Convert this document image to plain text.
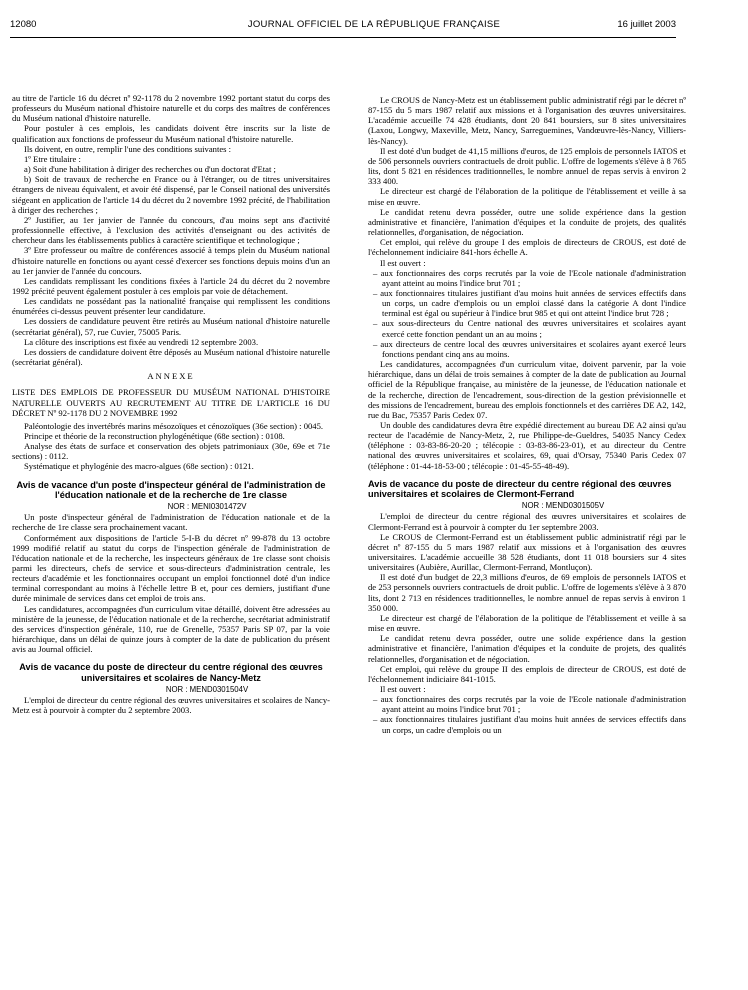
12080	JOURNAL OFFICIEL DE LA RÉPUBLIQUE FRANÇAISE	16 juillet 2003

au titre de l'article 16 du décret nº 92-1178 du 2 novembre 1992 portant statut du corps des professeurs du Muséum national d'histoire naturelle et du corps des maîtres de conférences du Muséum national d'histoire naturelle.

Pour postuler à ces emplois, les candidats doivent être inscrits sur la liste de qualification aux fonctions de professeur du Muséum national d'histoire naturelle.

Ils doivent, en outre, remplir l'une des conditions suivantes :

1º Etre titulaire :

a) Soit d'une habilitation à diriger des recherches ou d'un doctorat d'Etat ;

b) Soit de travaux de recherche en France ou à l'étranger, ou de titres universitaires étrangers de niveau équivalent, et avoir été dispensé, par le Conseil national des universités siégeant en application de l'article 14 du décret du 2 novembre 1992 précité, de l'habilitation à diriger des recherches ;

2º Justifier, au 1er janvier de l'année du concours, d'au moins sept ans d'activité professionnelle effective, à l'exclusion des activités d'enseignant ou des activités de chercheur dans les établissements publics à caractère scientifique et technologique ;

3º Etre professeur ou maître de conférences associé à temps plein du Muséum national d'histoire naturelle en fonctions ou ayant cessé d'exercer ses fonctions depuis moins d'un an au 1er janvier de l'année du concours.

Les candidats remplissant les conditions fixées à l'article 24 du décret du 2 novembre 1992 précité peuvent également postuler à ces emplois par voie de détachement.

Les candidats ne possédant pas la nationalité française qui remplissent les conditions énumérées ci-dessus peuvent présenter leur candidature.

Les dossiers de candidature peuvent être retirés au Muséum national d'histoire naturelle (secrétariat général), 57, rue Cuvier, 75005 Paris.

La clôture des inscriptions est fixée au vendredi 12 septembre 2003.

Les dossiers de candidature doivent être déposés au Muséum national d'histoire naturelle (secrétariat général).

ANNEXE

LISTE DES EMPLOIS DE PROFESSEUR DU MUSÉUM NATIONAL D'HISTOIRE NATURELLE OUVERTS AU RECRUTEMENT AU TITRE DE L'ARTICLE 16 DU DÉCRET Nº 92-1178 DU 2 NOVEMBRE 1992

Paléontologie des invertébrés marins mésozoïques et cénozoïques (36e section) : 0045.

Principe et théorie de la reconstruction phylogénétique (68e section) : 0108.

Analyse des états de surface et conservation des objets patrimoniaux (30e, 69e et 71e sections) : 0112.

Systématique et phylogénie des macro-algues (68e section) : 0121.

Avis de vacance d'un poste d'inspecteur général de l'administration de l'éducation nationale et de la recherche de 1re classe

NOR : MENI0301472V

Un poste d'inspecteur général de l'administration de l'éducation nationale et de la recherche de 1re classe sera prochainement vacant.

Conformément aux dispositions de l'article 5-I-B du décret nº 99-878 du 13 octobre 1999 modifié relatif au statut du corps de l'inspection générale de l'administration de l'éducation nationale et de la recherche, les inspecteurs généraux de 1re classe sont choisis parmi les directeurs, chefs de service et sous-directeurs d'administration centrale, les recteurs d'académie et les fonctionnaires occupant un emploi fonctionnel doté d'un indice terminal correspondant au moins à l'échelle lettre B et, pour ces derniers, justifiant d'une durée minimale de services dans cet emploi de trois ans.

Les candidatures, accompagnées d'un curriculum vitae détaillé, doivent être adressées au ministère de la jeunesse, de l'éducation nationale et de la recherche, secrétariat administratif des services d'inspection générale, 110, rue de Grenelle, 75357 Paris SP 07, par la voie hiérarchique, dans un délai de quinze jours à compter de la date de publication du présent avis au Journal officiel.

Avis de vacance du poste de directeur du centre régional des œuvres universitaires et scolaires de Nancy-Metz

NOR : MEND0301504V

L'emploi de directeur du centre régional des œuvres universitaires et scolaires de Nancy-Metz est à pourvoir à compter du 2 septembre 2003.

Le CROUS de Nancy-Metz est un établissement public administratif régi par le décret nº 87-155 du 5 mars 1987 relatif aux missions et à l'organisation des œuvres universitaires. L'académie accueille 74 428 étudiants, dont 20 841 boursiers, sur 8 sites universitaires (Laxou, Longwy, Maxeville, Metz, Nancy, Sarreguemines, Vandœuvre-lès-Nancy, Villiers-lès-Nancy).

Il est doté d'un budget de 41,15 millions d'euros, de 125 emplois de personnels IATOS et de 506 personnels ouvriers contractuels de droit public. L'offre de logements s'élève à 8 765 lits, dont 5 821 en résidences traditionnelles, le nombre annuel de repas servis à environ 2 333 400.

Le directeur est chargé de l'élaboration de la politique de l'établissement et veille à sa mise en œuvre.

Le candidat retenu devra posséder, outre une solide expérience dans la gestion administrative et financière, l'animation d'équipes et la conduite de projets, des qualités relationnelles, d'organisation, de négociation.

Cet emploi, qui relève du groupe I des emplois de directeurs de CROUS, est doté de l'échelonnement indiciaire 841-hors échelle A.

Il est ouvert :

– aux fonctionnaires des corps recrutés par la voie de l'Ecole nationale d'administration ayant atteint au moins l'indice brut 701 ;
– aux fonctionnaires titulaires justifiant d'au moins huit années de services effectifs dans un corps, un cadre d'emplois ou un emploi classé dans la catégorie A dont l'indice terminal est égal ou supérieur à l'indice brut 985 et qui ont atteint l'indice brut 728 ;
– aux sous-directeurs du Centre national des œuvres universitaires et scolaires ayant exercé cette fonction pendant un an au moins ;
– aux directeurs de centre local des œuvres universitaires et scolaires ayant exercé leurs fonctions pendant cinq ans au moins.

Les candidatures, accompagnées d'un curriculum vitae, doivent parvenir, par la voie hiérarchique, dans un délai de trois semaines à compter de la date de publication au Journal officiel de la République française, au ministère de la jeunesse, de l'éducation nationale et de la recherche, direction de l'encadrement, sous-direction de la gestion prévisionnelle et des missions de l'encadrement, bureau des emplois fonctionnels et des carrières DE A2, 142, rue du Bac, 75357 Paris Cedex 07.

Un double des candidatures devra être expédié directement au bureau DE A2 ainsi qu'au recteur de l'académie de Nancy-Metz, 2, rue Philippe-de-Gueldres, 54035 Nancy Cedex (téléphone : 03-83-86-20-20 ; télécopie : 03-83-86-23-01), et au directeur du Centre national des œuvres universitaires et scolaires, 69, quai d'Orsay, 75340 Paris Cedex 07 (téléphone : 01-44-18-53-00 ; télécopie : 01-45-55-48-49).

Avis de vacance du poste de directeur du centre régional des œuvres universitaires et scolaires de Clermont-Ferrand

NOR : MEND0301505V

L'emploi de directeur du centre régional des œuvres universitaires et scolaires de Clermont-Ferrand est à pourvoir à compter du 1er septembre 2003.

Le CROUS de Clermont-Ferrand est un établissement public administratif régi par le décret nº 87-155 du 5 mars 1987 relatif aux missions et à l'organisation des œuvres universitaires. L'académie accueille 38 528 étudiants, dont 11 018 boursiers sur 4 sites universitaires (Aubière, Aurillac, Clermont-Ferrand, Montluçon).

Il est doté d'un budget de 22,3 millions d'euros, de 69 emplois de personnels IATOS et de 253 personnels ouvriers contractuels de droit public. L'offre de logements s'élève à 3 870 lits, dont 2 713 en résidences traditionnelles, le nombre annuel de repas servis à environ 1 350 000.

Le directeur est chargé de l'élaboration de la politique de l'établissement et veille à sa mise en œuvre.

Le candidat retenu devra posséder, outre une solide expérience dans la gestion administrative et financière, l'animation d'équipes et la conduite de projets, des qualités relationnelles, d'organisation et de négociation.

Cet emploi, qui relève du groupe II des emplois de directeur de CROUS, est doté de l'échelonnement indiciaire 841-1015.

Il est ouvert :

– aux fonctionnaires des corps recrutés par la voie de l'Ecole nationale d'administration ayant atteint au moins l'indice brut 701 ;
– aux fonctionnaires titulaires justifiant d'au moins huit années de services effectifs dans un corps, un cadre d'emplois ou un
